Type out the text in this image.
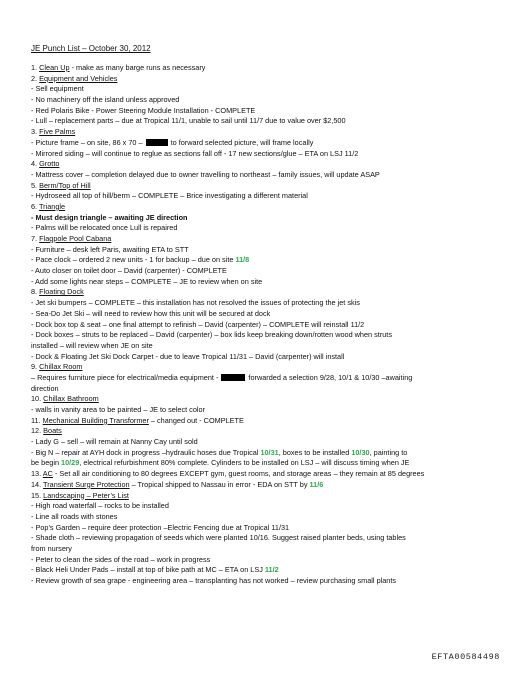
JE Punch List – October 30, 2012
1. Clean Up - make as many barge runs as necessary
2. Equipment and Vehicles
- Sell equipment
- No machinery off the island unless approved
- Red Polaris Bike - Power Steering Module Installation - COMPLETE
- Lull – replacement parts – due at Tropical 11/1, unable to sail until 11/7 due to value over $2,500
3. Five Palms
- Picture frame – on site, 86 x 70 –	to forward selected picture, will frame locally
- Mirrored siding – will continue to reglue as sections fall off - 17 new sections/glue – ETA on LSJ 11/2
4. Grotto
- Mattress cover – completion delayed due to owner travelling to northeast – family issues, will update ASAP
5. Berm/Top of Hill
- Hydroseed all top of hill/berm – COMPLETE – Brice investigating a different material
6. Triangle
- Must design triangle – awaiting JE direction
- Palms will be relocated once Lull is repaired
7. Flagpole Pool Cabana
- Furniture – desk left Paris, awaiting ETA to STT
- Pace clock – ordered 2 new units - 1 for backup – due on site 11/8
- Auto closer on toilet door – David (carpenter) - COMPLETE
- Add some lights near steps – COMPLETE – JE to review when on site
8. Floating Dock
- Jet ski bumpers – COMPLETE – this installation has not resolved the issues of protecting the jet skis
- Sea-Do Jet Ski – will need to review how this unit will be secured at dock
- Dock box top & seat – one final attempt to refinish – David (carpenter) – COMPLETE will reinstall 11/2
- Dock boxes – struts to be replaced – David (carpenter) – box lids keep breaking down/rotten wood when struts
installed – will review when JE on site
- Dock & Floating Jet Ski Dock Carpet - due to leave Tropical 11/31 – David (carpenter) will install
9. Chillax Room
– Requires furniture piece for electrical/media equipment -	forwarded a selection 9/28, 10/1 & 10/30 –awaiting
direction
10. Chillax Bathroom
- walls in vanity area to be painted – JE to select color
11. Mechanical Building Transformer – changed out - COMPLETE
12. Boats
- Lady G – sell – will remain at Nanny Cay until sold
- Big N – repair at AYH dock in progress –hydraulic hoses due Tropical 10/31, boxes to be installed 10/30, painting to
be begin 10/29, electrical refurbishment 80% complete. Cylinders to be installed on LSJ – will discuss timing when JE
13. AC - Set all air conditioning to 80 degrees EXCEPT gym, guest rooms, and storage areas – they remain at 85 degrees
14. Transient Surge Protection – Tropical shipped to Nassau in error - EDA on STT by 11/6
15. Landscaping – Peter’s List
- High road waterfall – rocks to be installed
- Line all roads with stones
- Pop’s Garden – require deer protection –Electric Fencing due at Tropical 11/31
- Shade cloth – reviewing propagation of seeds which were planted 10/16. Suggest raised planter beds, using tables
from nursery
- Peter to clean the sides of the road – work in progress
- Black Heli Under Pads – install at top of bike path at MC – ETA on LSJ 11/2
- Review growth of sea grape - engineering area – transplanting has not worked – review purchasing small plants
EFTA00584498
